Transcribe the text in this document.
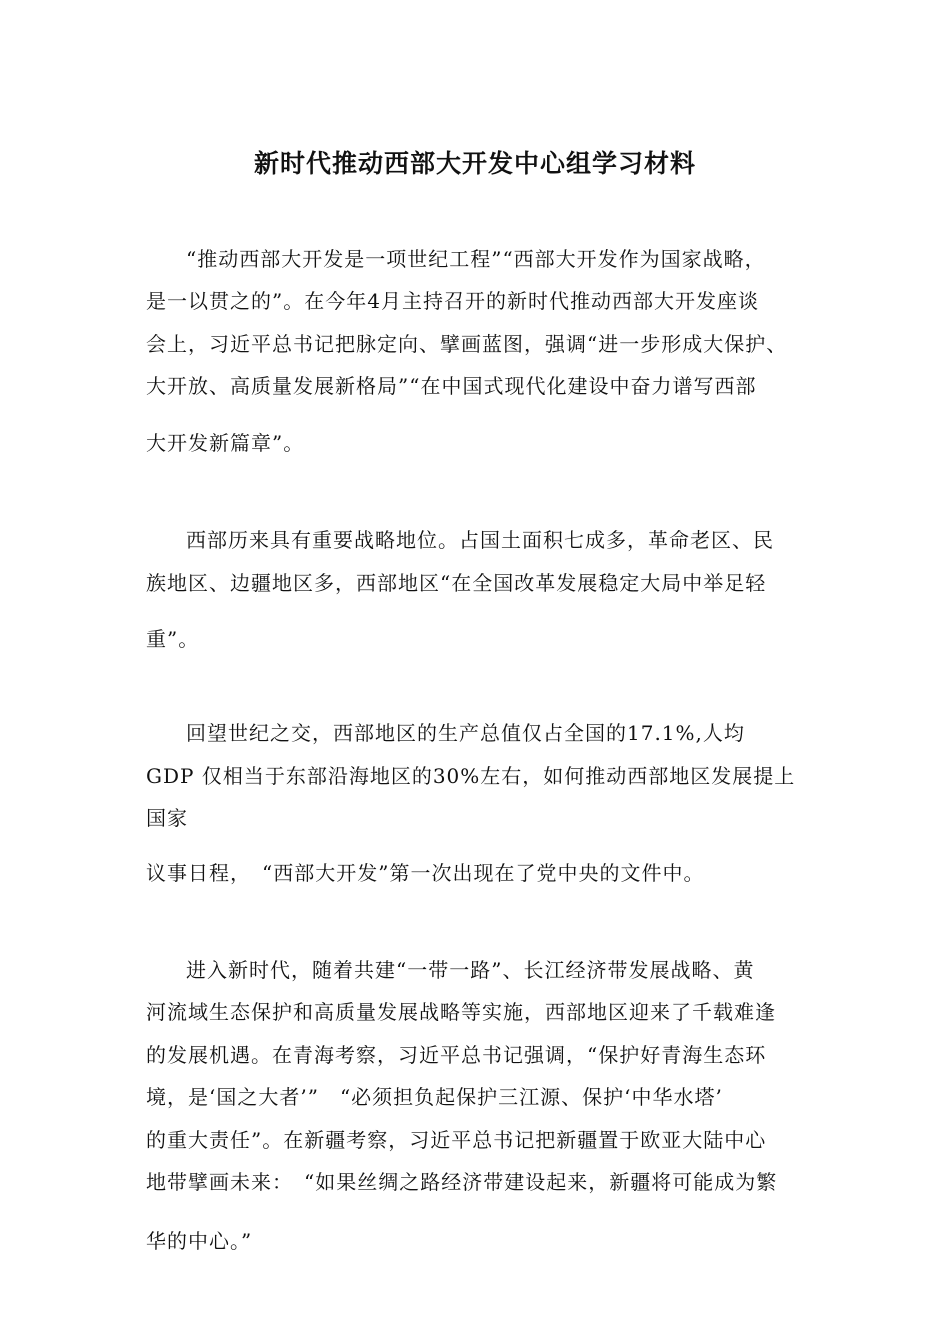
新时代推动西部大开发中心组学习材料
“推动西部大开发是一项世纪工程”“西部大开发作为国家战略，
是一以贯之的”。在今年4月主持召开的新时代推动西部大开发座谈
会上，习近平总书记把脉定向、擘画蓝图，强调“进一步形成大保护、
大开放、高质量发展新格局”“在中国式现代化建设中奋力谱写西部
大开发新篇章”。
西部历来具有重要战略地位。占国土面积七成多，革命老区、民
族地区、边疆地区多，西部地区“在全国改革发展稳定大局中举足轻
重”。
回望世纪之交，西部地区的生产总值仅占全国的17.1%,人均
GDP 仅相当于东部沿海地区的30%左右，如何推动西部地区发展提上
国家
议事日程，　“西部大开发”第一次出现在了党中央的文件中。
进入新时代，随着共建“一带一路”、长江经济带发展战略、黄
河流域生态保护和高质量发展战略等实施，西部地区迎来了千载难逢
的发展机遇。在青海考察，习近平总书记强调，“保护好青海生态环
境，是‘国之大者’”　“必须担负起保护三江源、保护‘中华水塔’
的重大责任”。在新疆考察，习近平总书记把新疆置于欧亚大陆中心
地带擘画未来：　“如果丝绸之路经济带建设起来，新疆将可能成为繁
华的中心。”
